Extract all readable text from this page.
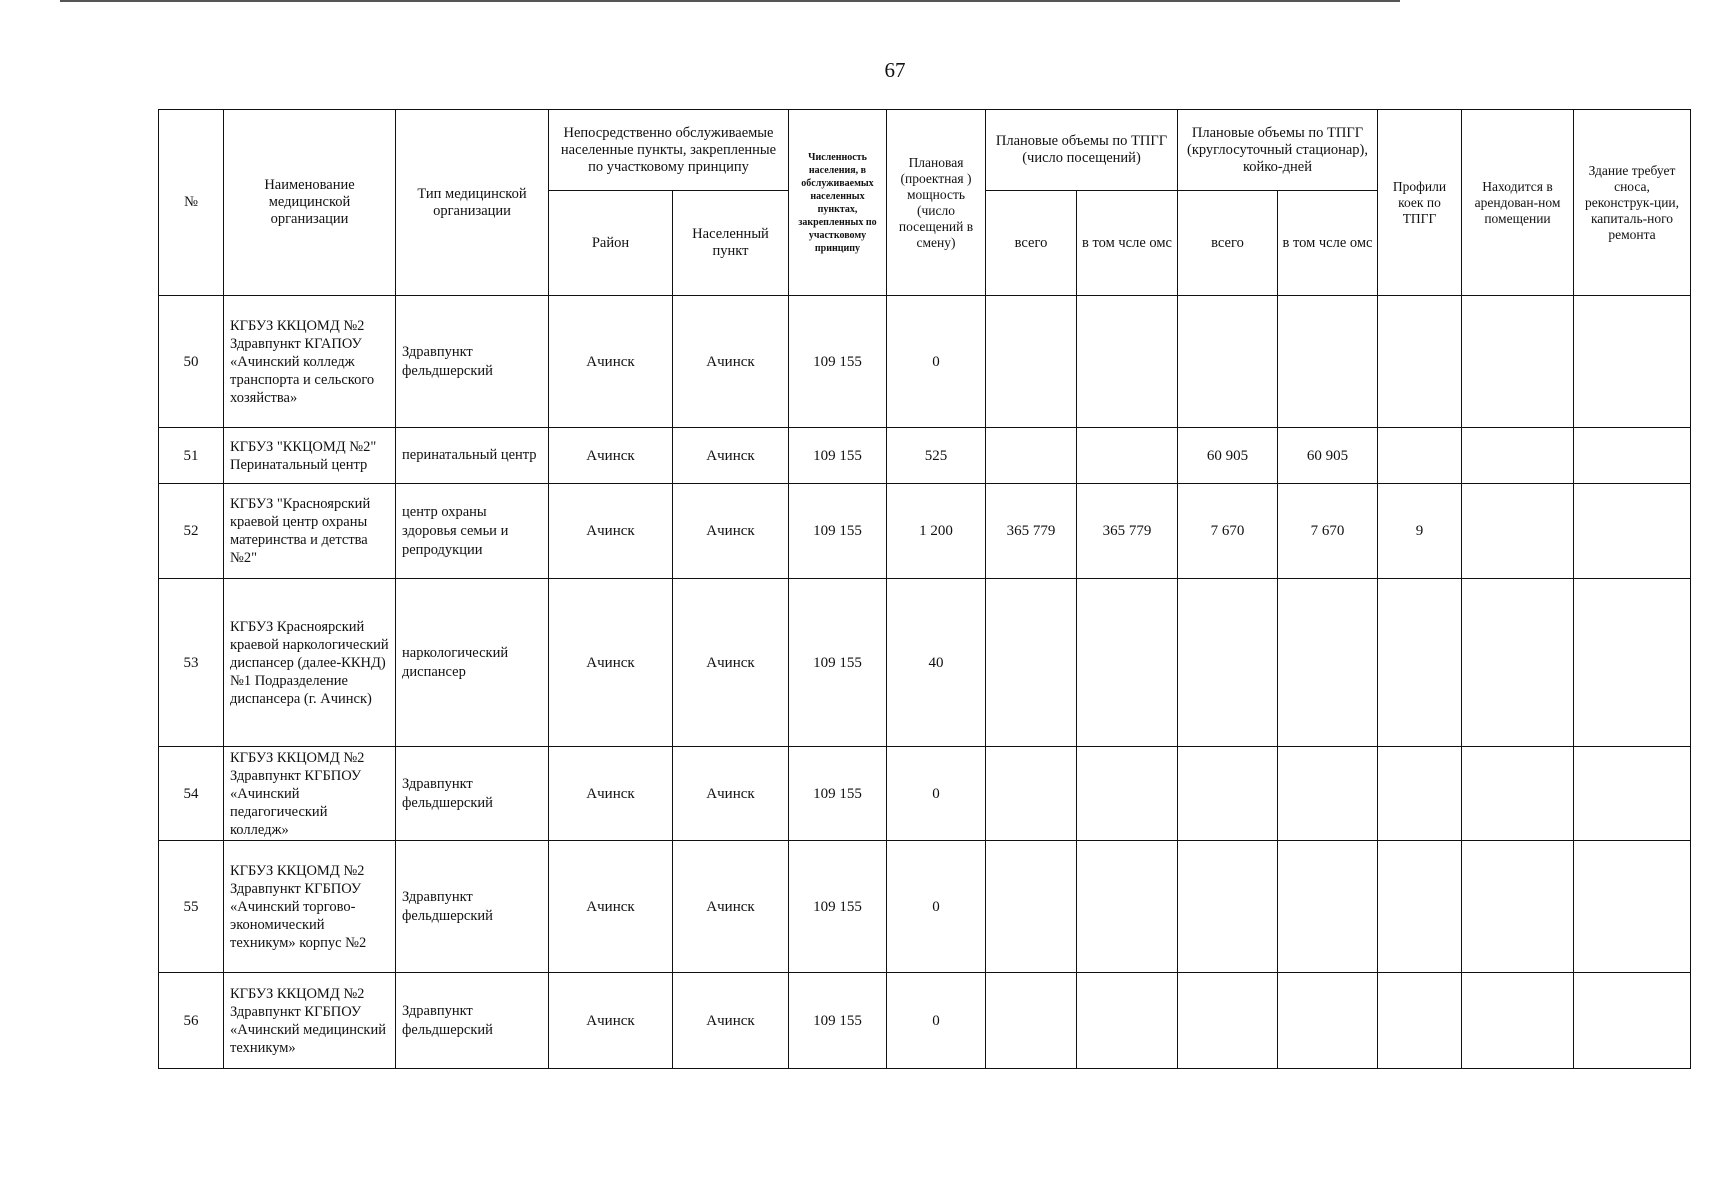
67
№	Наименование медицинской организации	Тип медицинской организации	Непосредственно обслуживаемые населенные пункты, закрепленные по участковому принципу		Численность населения, в обслуживаемых населенных пунктах, закрепленных по участковому принципу	Плановая (проектная ) мощность (число посещений в смену)	Плановые объемы по ТПГГ (число посещений)		Плановые объемы по ТПГГ (круглосуточный стационар), койко-дней		Профили коек по ТПГГ	Находится в арендован-ном помещении	Здание требует сноса, реконструк-ции, капиталь-ного ремонта
			Район	Населенный пункт			всего	в том чсле омс	всего	в том чсле омс			
50	КГБУЗ ККЦОМД №2 Здравпункт КГАПОУ «Ачинский колледж транспорта и сельского хозяйства»	Здравпункт фельдшерский	Ачинск	Ачинск	109 155	0							
51	КГБУЗ "ККЦОМД №2" Перинатальный центр	перинатальный центр	Ачинск	Ачинск	109 155	525			60 905	60 905			
52	КГБУЗ "Красноярский краевой центр охраны материнства и детства №2"	центр охраны здоровья семьи и репродукции	Ачинск	Ачинск	109 155	1 200	365 779	365 779	7 670	7 670	9		
53	КГБУЗ Красноярский краевой наркологический диспансер (далее-ККНД) №1 Подразделение диспансера (г. Ачинск)	наркологический диспансер	Ачинск	Ачинск	109 155	40							
54	КГБУЗ ККЦОМД №2 Здравпункт КГБПОУ «Ачинский педагогический колледж»	Здравпункт фельдшерский	Ачинск	Ачинск	109 155	0							
55	КГБУЗ ККЦОМД №2 Здравпункт КГБПОУ «Ачинский торгово-экономический техникум» корпус №2	Здравпункт фельдшерский	Ачинск	Ачинск	109 155	0							
56	КГБУЗ ККЦОМД №2 Здравпункт КГБПОУ «Ачинский медицинский техникум»	Здравпункт фельдшерский	Ачинск	Ачинск	109 155	0							
